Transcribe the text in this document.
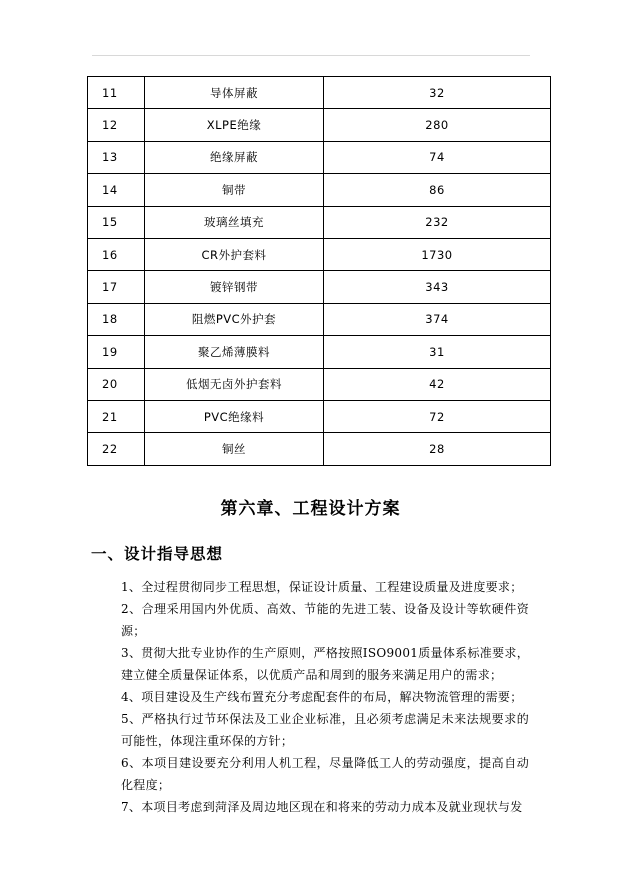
11	导体屏蔽	32
12	XLPE绝缘	280
13	绝缘屏蔽	74
14	铜带	86
15	玻璃丝填充	232
16	CR外护套料	1730
17	镀锌钢带	343
18	阻燃PVC外护套	374
19	聚乙烯薄膜料	31
20	低烟无卤外护套料	42
21	PVC绝缘料	72
22	铜丝	28
第六章、工程设计方案
一、设计指导思想
1、全过程贯彻同步工程思想，保证设计质量、工程建设质量及进度要求；
2、合理采用国内外优质、高效、节能的先进工装、设备及设计等软硬件资源；
3、贯彻大批专业协作的生产原则，严格按照ISO9001质量体系标准要求，建立健全质量保证体系，以优质产品和周到的服务来满足用户的需求；
4、项目建设及生产线布置充分考虑配套件的布局，解决物流管理的需要；
5、严格执行过节环保法及工业企业标准，且必须考虑满足未来法规要求的可能性，体现注重环保的方针；
6、本项目建设要充分利用人机工程，尽量降低工人的劳动强度，提高自动化程度；
7、本项目考虑到菏泽及周边地区现在和将来的劳动力成本及就业现状与发
